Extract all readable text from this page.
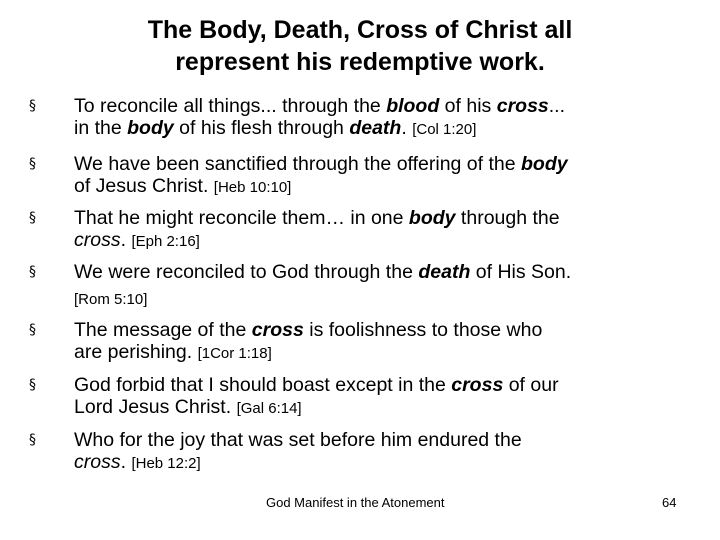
The Body, Death, Cross of Christ all
represent his redemptive work.
§ To reconcile all things... through the blood of his cross...
in the body of his flesh through death. [Col 1:20]
§ We have been sanctified through the offering of the body
of Jesus Christ. [Heb 10:10]
§ That he might reconcile them… in one body through the
cross. [Eph 2:16]
§ We were reconciled to God through the death of His Son.
[Rom 5:10]
§ The message of the cross is foolishness to those who
are perishing. [1Cor 1:18]
§ God forbid that I should boast except in the cross of our
Lord Jesus Christ. [Gal 6:14]
§ Who for the joy that was set before him endured the
cross. [Heb 12:2]
God Manifest in the Atonement	64
